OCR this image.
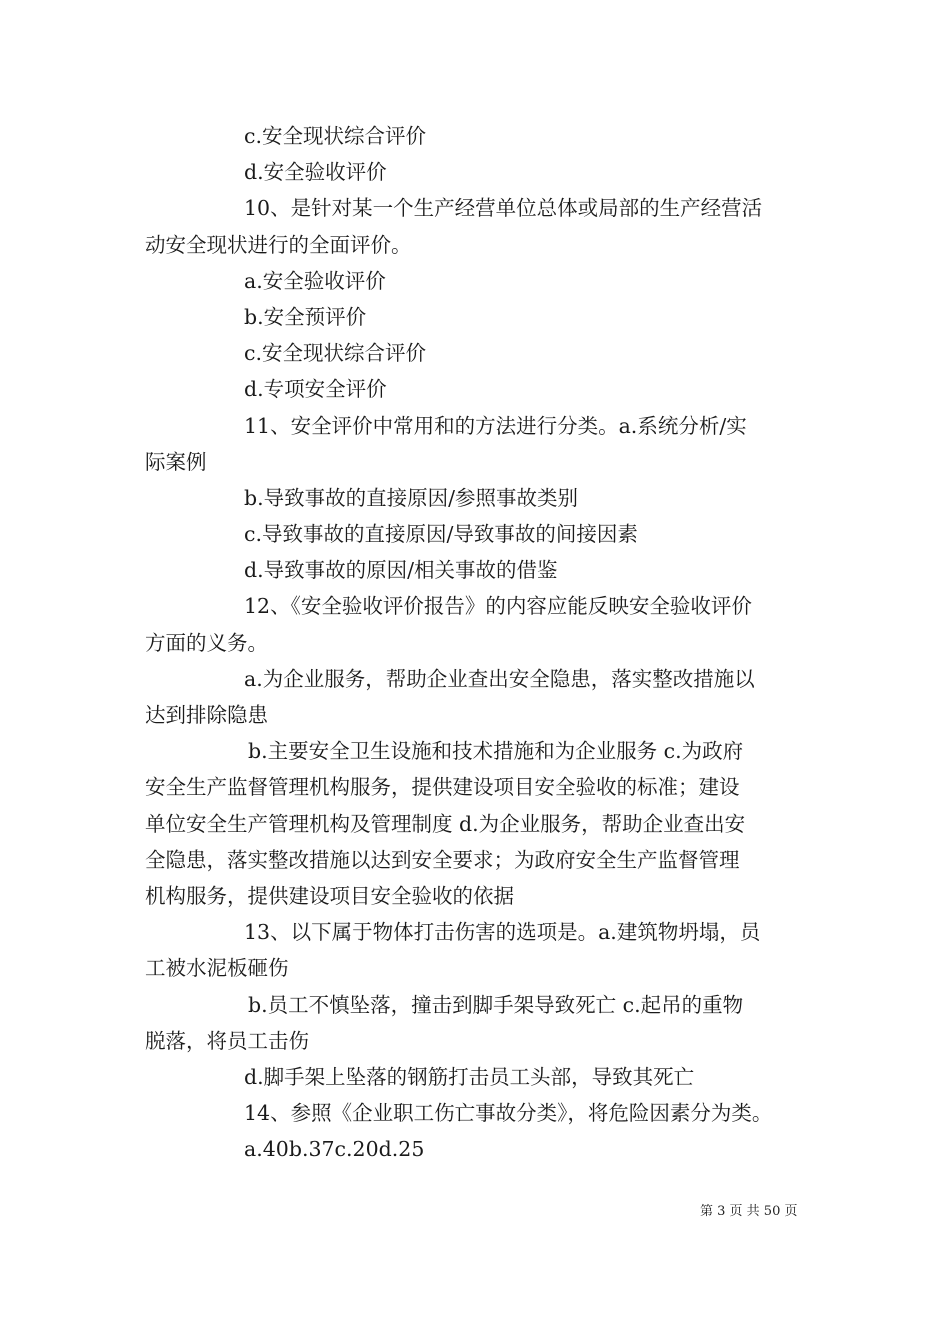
c.安全现状综合评价
d.安全验收评价
10、是针对某一个生产经营单位总体或局部的生产经营活
动安全现状进行的全面评价。
a.安全验收评价
b.安全预评价
c.安全现状综合评价
d.专项安全评价
11、安全评价中常用和的方法进行分类。a.系统分析/实
际案例
b.导致事故的直接原因/参照事故类别
c.导致事故的直接原因/导致事故的间接因素
d.导致事故的原因/相关事故的借鉴
12、《安全验收评价报告》的内容应能反映安全验收评价
方面的义务。
a.为企业服务，帮助企业查出安全隐患，落实整改措施以
达到排除隐患
b.主要安全卫生设施和技术措施和为企业服务 c.为政府
安全生产监督管理机构服务，提供建设项目安全验收的标准；建设
单位安全生产管理机构及管理制度 d.为企业服务，帮助企业查出安
全隐患，落实整改措施以达到安全要求；为政府安全生产监督管理
机构服务，提供建设项目安全验收的依据
13、以下属于物体打击伤害的选项是。a.建筑物坍塌，员
工被水泥板砸伤
b.员工不慎坠落，撞击到脚手架导致死亡 c.起吊的重物
脱落，将员工击伤
d.脚手架上坠落的钢筋打击员工头部，导致其死亡
14、参照《企业职工伤亡事故分类》，将危险因素分为类。
a.40b.37c.20d.25
第 3 页 共 50 页
